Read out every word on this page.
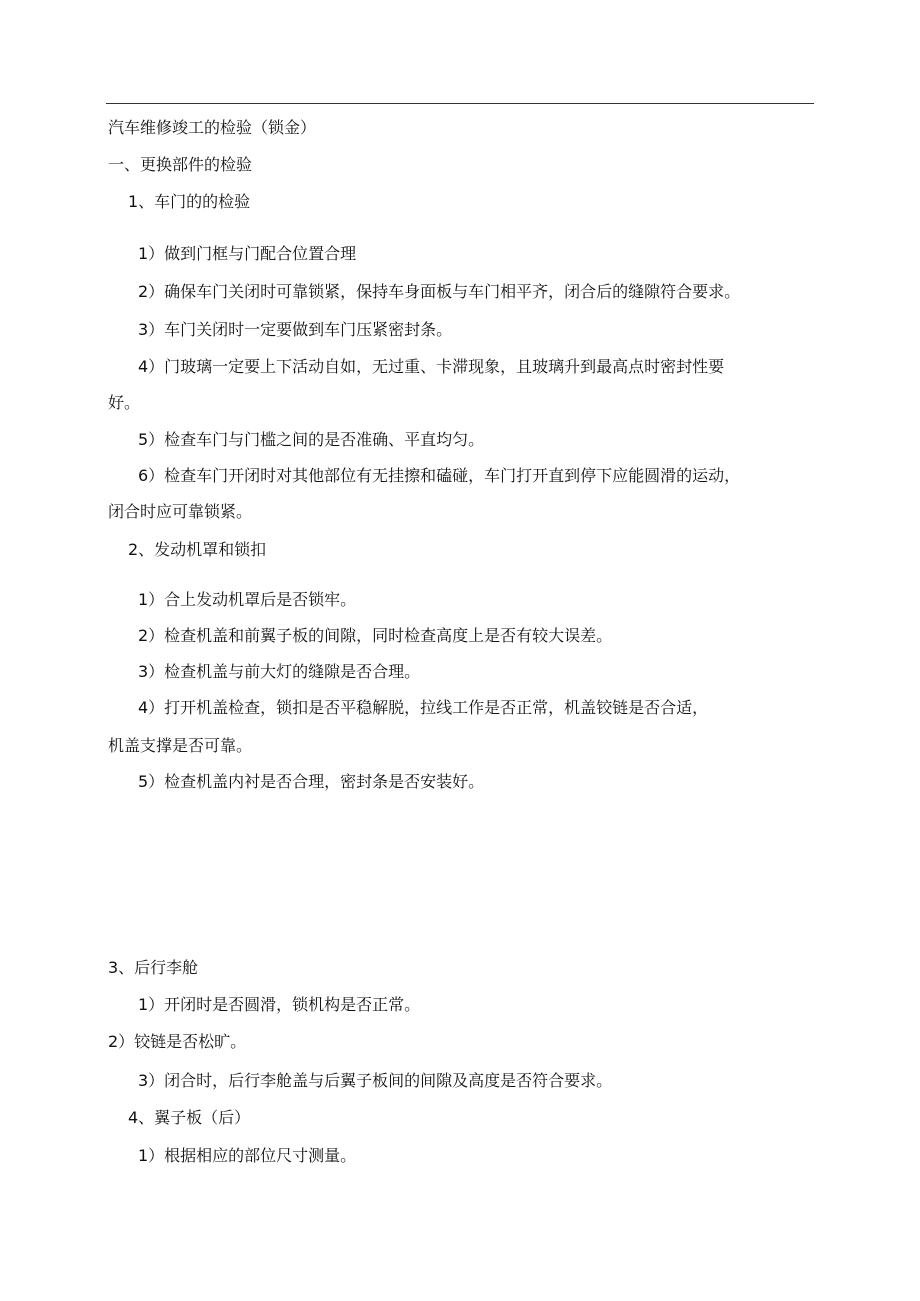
汽车维修竣工的检验（锁金）
一、更换部件的检验
1、车门的的检验
1）做到门框与门配合位置合理
2）确保车门关闭时可靠锁紧，保持车身面板与车门相平齐，闭合后的缝隙符合要求。
3）车门关闭时一定要做到车门压紧密封条。
4）门玻璃一定要上下活动自如，无过重、卡滞现象，且玻璃升到最高点时密封性要
好。
5）检查车门与门槛之间的是否准确、平直均匀。
6）检查车门开闭时对其他部位有无挂擦和磕碰，车门打开直到停下应能圆滑的运动，
闭合时应可靠锁紧。
2、发动机罩和锁扣
1）合上发动机罩后是否锁牢。
2）检查机盖和前翼子板的间隙，同时检查高度上是否有较大误差。
3）检查机盖与前大灯的缝隙是否合理。
4）打开机盖检查，锁扣是否平稳解脱，拉线工作是否正常，机盖铰链是否合适，
机盖支撑是否可靠。
5）检查机盖内衬是否合理，密封条是否安装好。
3、后行李舱
1）开闭时是否圆滑，锁机构是否正常。
2）铰链是否松旷。
3）闭合时，后行李舱盖与后翼子板间的间隙及高度是否符合要求。
4、翼子板（后）
1）根据相应的部位尺寸测量。
